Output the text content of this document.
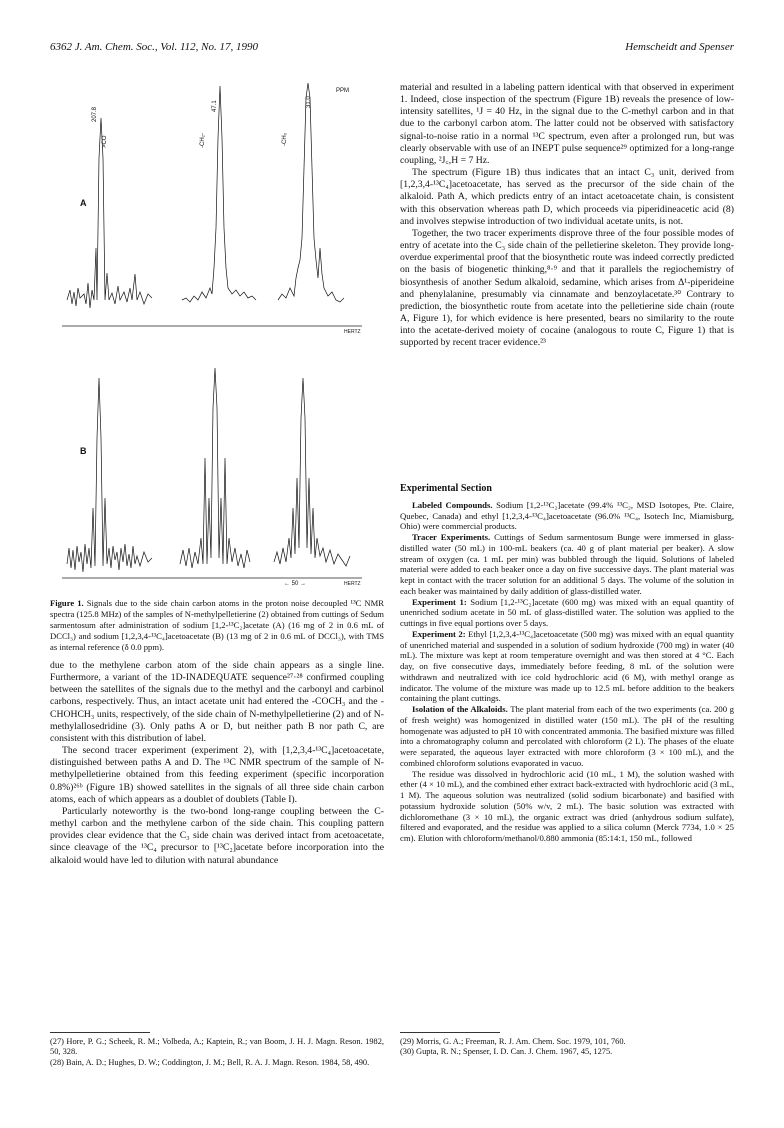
6362 J. Am. Chem. Soc., Vol. 112, No. 17, 1990	Hemscheidt and Spenser
A
B
207.8
47.1	31.0
>CO	-CH₂-	-CH₃
PPM
HERTZ
← 50 →	HERTZ
Figure 1. Signals due to the side chain carbon atoms in the proton noise decoupled ¹³C NMR spectra (125.8 MHz) of the samples of N-methylpelletierine (2) obtained from cuttings of Sedum sarmentosum after administration of sodium [1,2-¹³C₂]acetate (A) (16 mg of 2 in 0.6 mL of DCCl₃) and sodium [1,2,3,4-¹³C₄]acetoacetate (B) (13 mg of 2 in 0.6 mL of DCCl₃), with TMS as internal reference (δ 0.0 ppm).

due to the methylene carbon atom of the side chain appears as a single line. Furthermore, a variant of the 1D-INADEQUATE sequence²⁷·²⁸ confirmed coupling between the satellites of the signals due to the methyl and the carbonyl and carbinol carbons, respectively. Thus, an intact acetate unit had entered the -COCH₃ and the -CHOHCH₃ units, respectively, of the side chain of N-methylpelletierine (2) and of N-methylallosedridine (3). Only paths A or D, but neither path B nor path C, are consistent with this distribution of label.

The second tracer experiment (experiment 2), with [1,2,3,4-¹³C₄]acetoacetate, distinguished between paths A and D. The ¹³C NMR spectrum of the sample of N-methylpelletierine obtained from this feeding experiment (specific incorporation 0.8%)²⁶ᵇ (Figure 1B) showed satellites in the signals of all three side chain carbon atoms, each of which appears as a doublet of doublets (Table I).

Particularly noteworthy is the two-bond long-range coupling between the C-methyl carbon and the methylene carbon of the side chain. This coupling pattern provides clear evidence that the C₃ side chain was derived intact from acetoacetate, since cleavage of the ¹³C₄ precursor to [¹³C₂]acetate before incorporation into the alkaloid would have led to dilution with natural abundance

(27) Hore, P. G.; Scheek, R. M.; Volbeda, A.; Kaptein, R.; van Boom, J. H. J. Magn. Reson. 1982, 50, 328.

(28) Bain, A. D.; Hughes, D. W.; Coddington, J. M.; Bell, R. A. J. Magn. Reson. 1984, 58, 490.

material and resulted in a labeling pattern identical with that observed in experiment 1. Indeed, close inspection of the spectrum (Figure 1B) reveals the presence of low-intensity satellites, ¹J = 40 Hz, in the signal due to the C-methyl carbon and in that due to the carbonyl carbon atom. The latter could not be observed with satisfactory signal-to-noise ratio in a normal ¹³C spectrum, even after a prolonged run, but was clearly observable with use of an INEPT pulse sequence²⁹ optimized for a long-range coupling, ²J꜀,H = 7 Hz.

The spectrum (Figure 1B) thus indicates that an intact C₃ unit, derived from [1,2,3,4-¹³C₄]acetoacetate, has served as the precursor of the side chain of the alkaloid. Path A, which predicts entry of an intact acetoacetate chain, is consistent with this observation whereas path D, which proceeds via piperidineacetic acid (8) and involves stepwise introduction of two individual acetate units, is not.

Together, the two tracer experiments disprove three of the four possible modes of entry of acetate into the C₃ side chain of the pelletierine skeleton. They provide long-overdue experimental proof that the biosynthetic route was indeed correctly predicted on the basis of biogenetic thinking,⁸·⁹ and that it parallels the regiochemistry of biosynthesis of another Sedum alkaloid, sedamine, which arises from Δ¹-piperideine and phenylalanine, presumably via cinnamate and benzoylacetate.³⁰ Contrary to prediction, the biosynthetic route from acetate into the pelletierine side chain (route A, Figure 1), for which evidence is here presented, bears no similarity to the route into the acetate-derived moiety of cocaine (analogous to route C, Figure 1) that is supported by recent tracer evidence.²³

Experimental Section

Labeled Compounds. Sodium [1,2-¹³C₂]acetate (99.4% ¹³C₂, MSD Isotopes, Pte. Claire, Quebec, Canada) and ethyl [1,2,3,4-¹³C₄]acetoacetate (96.0% ¹³C₄, Isotech Inc, Miamisburg, Ohio) were commercial products.

Tracer Experiments. Cuttings of Sedum sarmentosum Bunge were immersed in glass-distilled water (50 mL) in 100-mL beakers (ca. 40 g of plant material per beaker). A slow stream of oxygen (ca. 1 mL per min) was bubbled through the liquid. Solutions of labeled material were added to each beaker once a day on five successive days. The plant material was kept in contact with the tracer solution for an additional 5 days. The volume of the solution in each beaker was maintained by daily addition of glass-distilled water.

Experiment 1: Sodium [1,2-¹³C₂]acetate (600 mg) was mixed with an equal quantity of unenriched sodium acetate in 50 mL of glass-distilled water. The solution was applied to the cuttings in five equal portions over 5 days.

Experiment 2: Ethyl [1,2,3,4-¹³C₄]acetoacetate (500 mg) was mixed with an equal quantity of unenriched material and suspended in a solution of sodium hydroxide (700 mg) in water (40 mL). The mixture was kept at room temperature overnight and was then stored at 4 °C. Each day, on five consecutive days, immediately before feeding, 8 mL of the solution were withdrawn and neutralized with ice cold hydrochloric acid (6 M), with methyl orange as indicator. The volume of the mixture was made up to 12.5 mL before addition to the beakers containing the plant cuttings.

Isolation of the Alkaloids. The plant material from each of the two experiments (ca. 200 g of fresh weight) was homogenized in distilled water (150 mL). The pH of the resulting homogenate was adjusted to pH 10 with concentrated ammonia. The basified mixture was filled into a chromatography column and percolated with chloroform (2 L). The phases of the eluate were separated, the aqueous layer extracted with more chloroform (3 × 100 mL), and the combined chloroform solutions evaporated in vacuo.

The residue was dissolved in hydrochloric acid (10 mL, 1 M), the solution washed with ether (4 × 10 mL), and the combined ether extract back-extracted with hydrochloric acid (3 mL, 1 M). The aqueous solution was neutralized (solid sodium bicarbonate) and basified with potassium hydroxide solution (50% w/v, 2 mL). The basic solution was extracted with dichloromethane (3 × 10 mL), the organic extract was dried (anhydrous sodium sulfate), filtered and evaporated, and the residue was applied to a silica column (Merck 7734, 1.0 × 25 cm). Elution with chloroform/methanol/0.880 ammonia (85:14:1, 150 mL, followed

(29) Morris, G. A.; Freeman, R. J. Am. Chem. Soc. 1979, 101, 760.

(30) Gupta, R. N.; Spenser, I. D. Can. J. Chem. 1967, 45, 1275.
